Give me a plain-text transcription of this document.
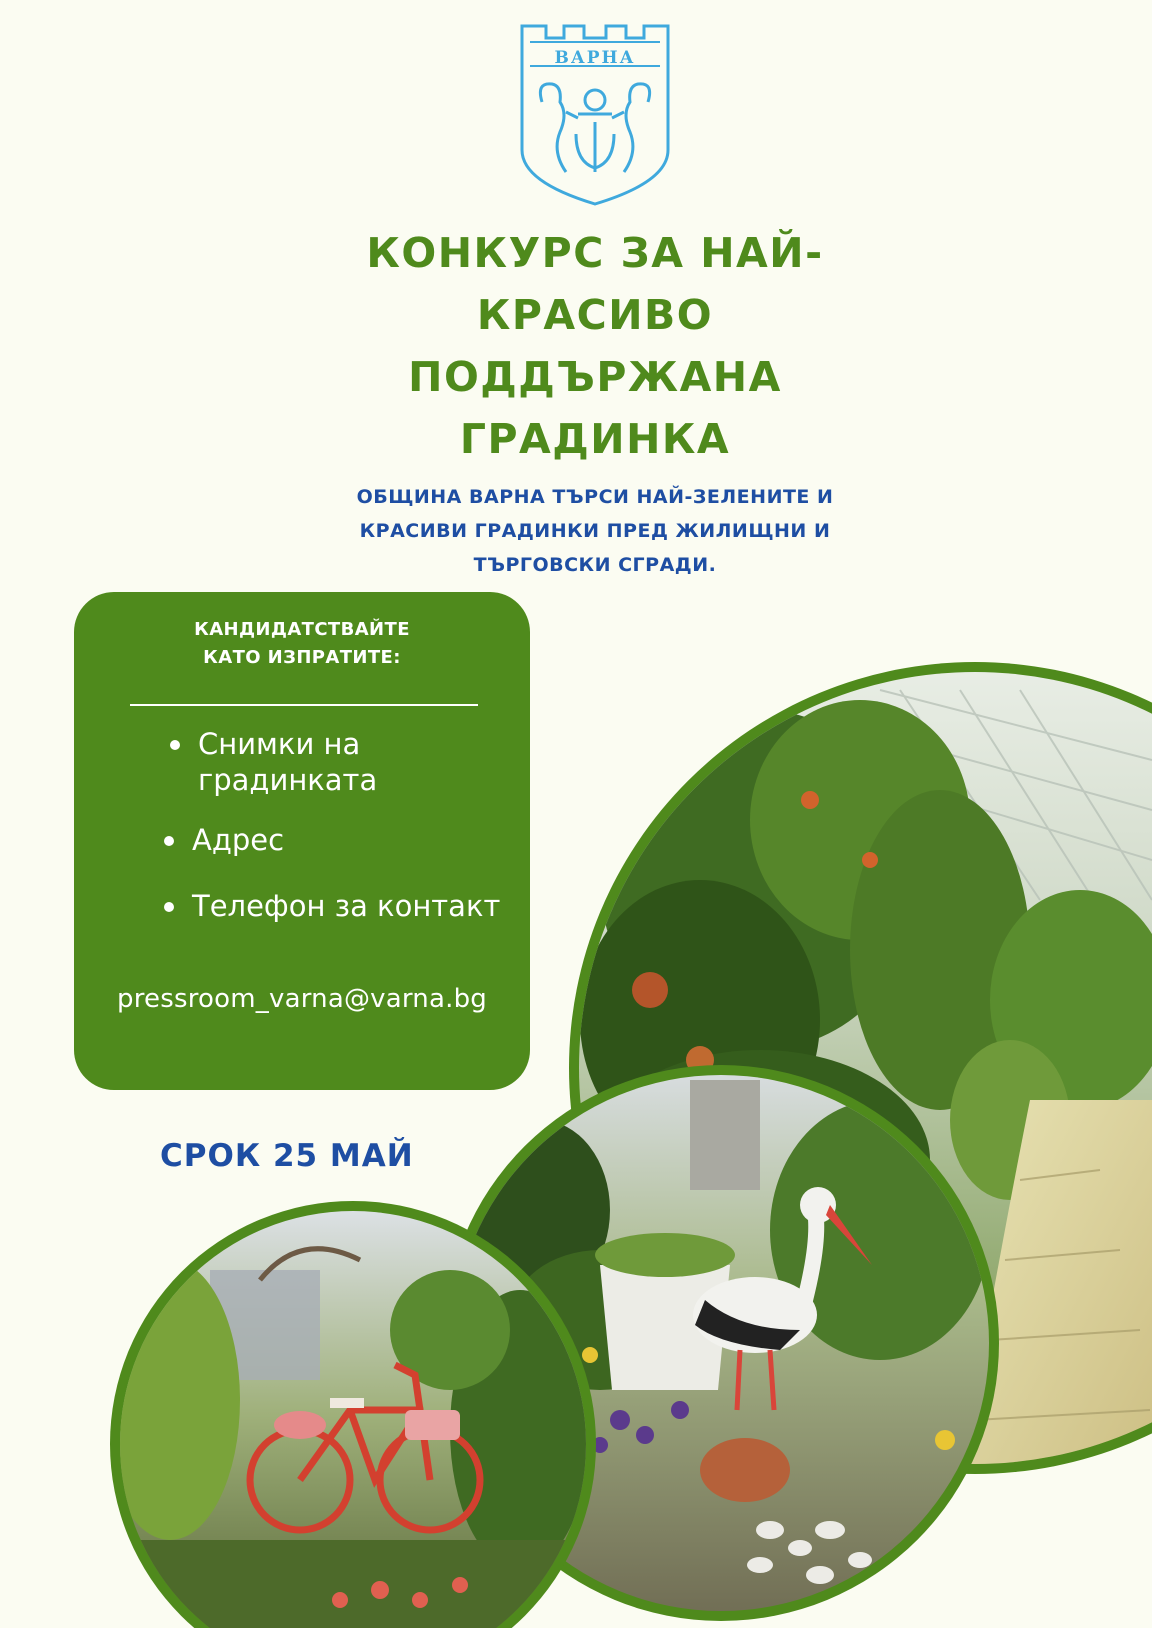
ВАРНА
КОНКУРС ЗА НАЙ-КРАСИВО ПОДДЪРЖАНА ГРАДИНКА
ОБЩИНА ВАРНА ТЪРСИ НАЙ-ЗЕЛЕНИТЕ И КРАСИВИ ГРАДИНКИ ПРЕД ЖИЛИЩНИ И ТЪРГОВСКИ СГРАДИ.
КАНДИДАТСТВАЙТЕ КАТО ИЗПРАТИТЕ:
Снимки на градинката
Адрес
Телефон за контакт
pressroom_varna@varna.bg
СРОК 25 МАЙ
